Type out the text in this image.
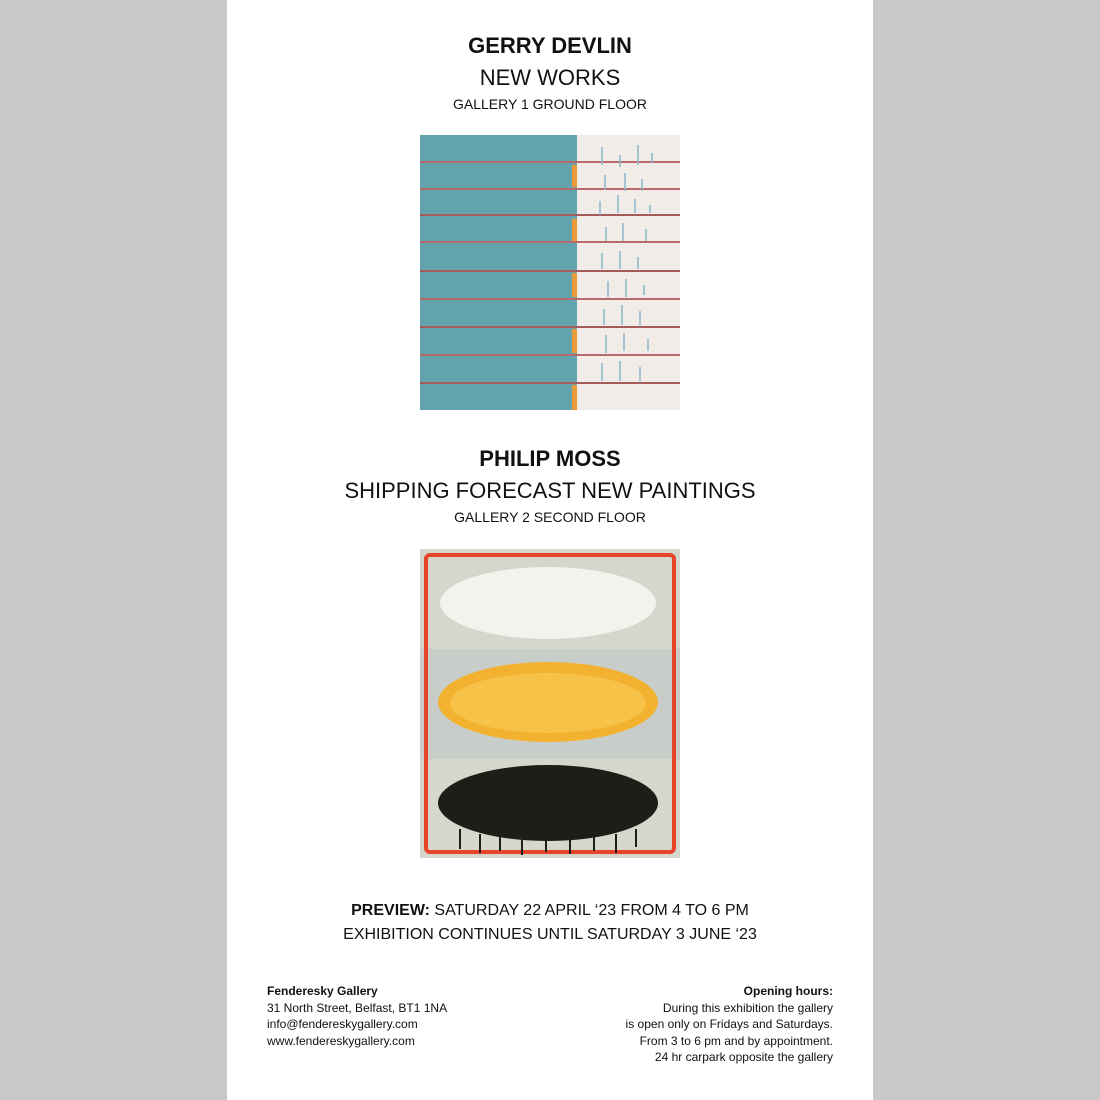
GERRY DEVLIN
NEW WORKS
GALLERY 1 GROUND FLOOR
PHILIP MOSS
SHIPPING FORECAST NEW PAINTINGS
GALLERY 2 SECOND FLOOR
PREVIEW: SATURDAY 22 APRIL ‘23 FROM 4 TO 6 PM
EXHIBITION CONTINUES UNTIL SATURDAY 3 JUNE ‘23
Fenderesky Gallery
31 North Street, Belfast, BT1 1NA
info@fendereskygallery.com
www.fendereskygallery.com
Opening hours:
During this exhibition the gallery
is open only on Fridays and Saturdays.
From 3 to 6 pm and by appointment.
24 hr carpark opposite the gallery
